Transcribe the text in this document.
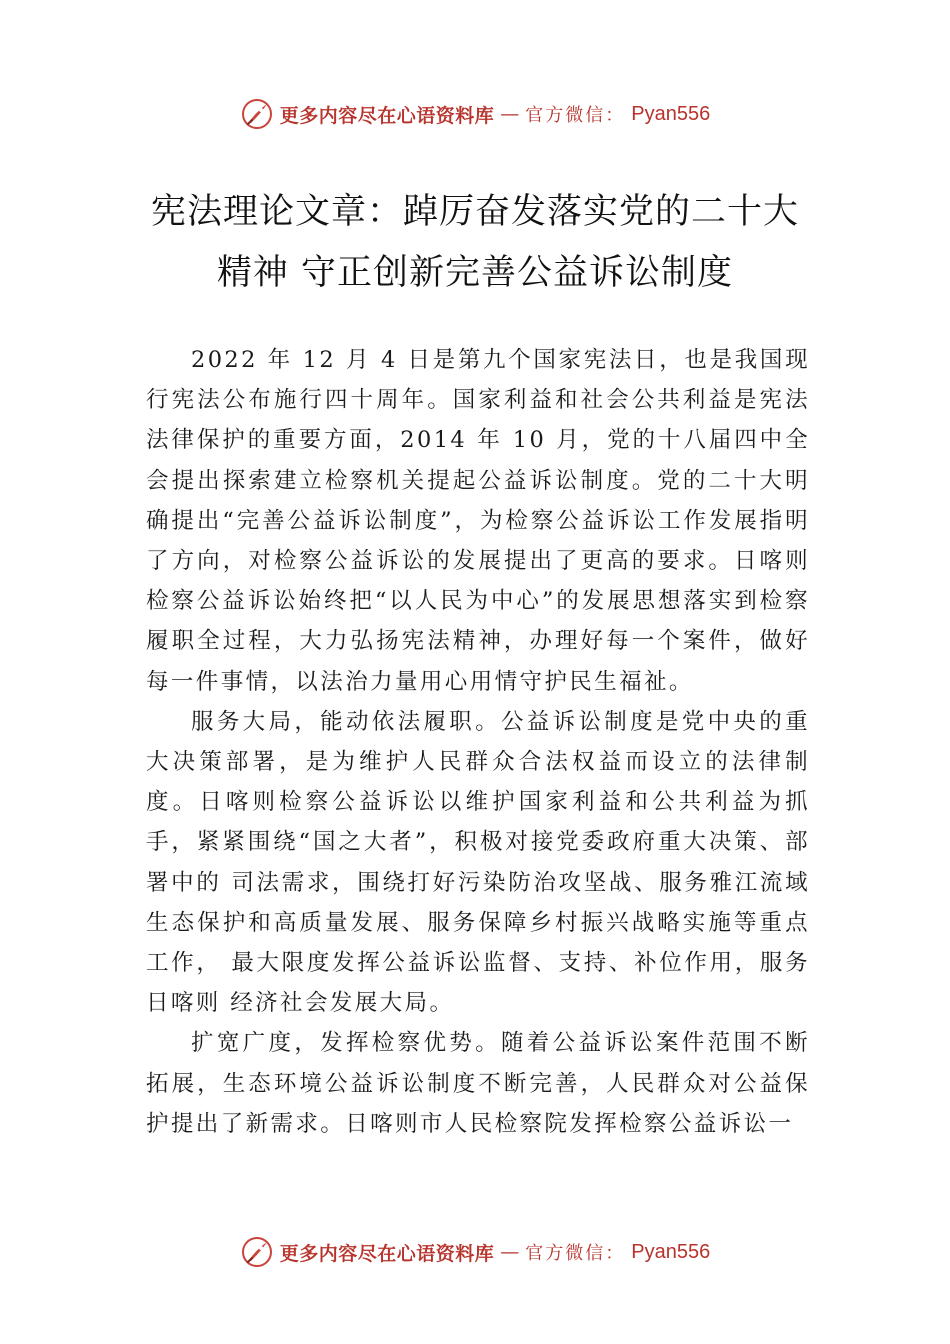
更多内容尽在心语资料库 — 官方微信： Pyan556
宪法理论文章：踔厉奋发落实党的二十大
精神 守正创新完善公益诉讼制度

2022 年 12 月 4 日是第九个国家宪法日，也是我国现行宪法公布施行四十周年。国家利益和社会公共利益是宪法法律保护的重要方面，2014 年 10 月，党的十八届四中全会提出探索建立检察机关提起公益诉讼制度。党的二十大明确提出“完善公益诉讼制度”，为检察公益诉讼工作发展指明了方向，对检察公益诉讼的发展提出了更高的要求。日喀则检察公益诉讼始终把“以人民为中心”的发展思想落实到检察履职全过程，大力弘扬宪法精神，办理好每一个案件，做好每一件事情，以法治力量用心用情守护民生福祉。

服务大局，能动依法履职。公益诉讼制度是党中央的重大决策部署，是为维护人民群众合法权益而设立的法律制度。日喀则检察公益诉讼以维护国家利益和公共利益为抓手，紧紧围绕“国之大者”，积极对接党委政府重大决策、部署中的 司法需求，围绕打好污染防治攻坚战、服务雅江流域生态保护和高质量发展、服务保障乡村振兴战略实施等重点工作， 最大限度发挥公益诉讼监督、支持、补位作用，服务日喀则 经济社会发展大局。

扩宽广度，发挥检察优势。随着公益诉讼案件范围不断拓展，生态环境公益诉讼制度不断完善，人民群众对公益保护提出了新需求。日喀则市人民检察院发挥检察公益诉讼一

更多内容尽在心语资料库 — 官方微信： Pyan556
